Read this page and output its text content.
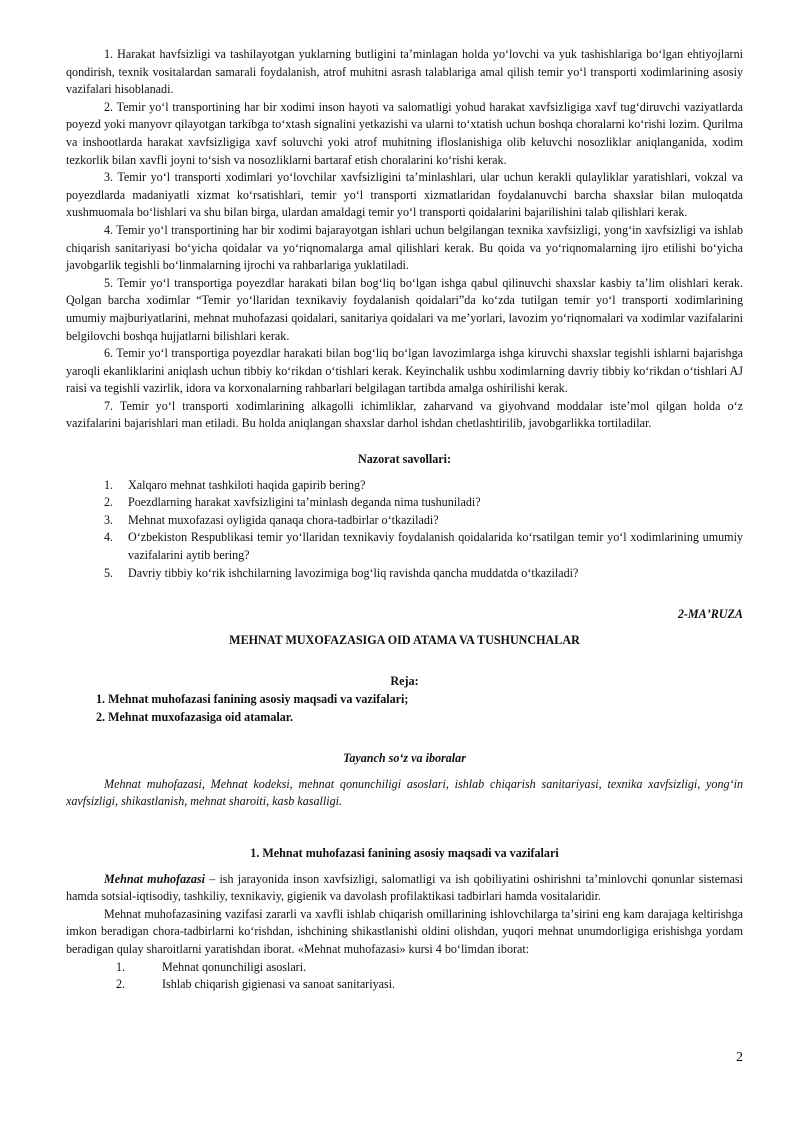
1. Harakat havfsizligi va tashilayotgan yuklarning butligini taʼminlagan holda yoʻlovchi va yuk tashishlariga boʻlgan ehtiyojlarni qondirish, texnik vositalardan samarali foydalanish, atrof muhitni asrash talablariga amal qilish temir yoʻl transporti xodimlarining asosiy vazifalari hisoblanadi.

2. Temir yoʻl transportining har bir xodimi inson hayoti va salomatligi yohud harakat xavfsizligiga xavf tugʻdiruvchi vaziyatlarda poyezd yoki manyovr qilayotgan tarkibga toʻxtash signalini yetkazishi va ularni toʻxtatish uchun boshqa choralarni koʻrishi lozim. Qurilma va inshootlarda harakat xavfsizligiga xavf soluvchi yoki atrof muhitning ifloslanishiga olib keluvchi nosozliklar aniqlanganida, xodim tezkorlik bilan xavfli joyni toʻsish va nosozliklarni bartaraf etish choralarini koʻrishi kerak.

3. Temir yoʻl transporti xodimlari yoʻlovchilar xavfsizligini taʼminlashlari, ular uchun kerakli qulayliklar yaratishlari, vokzal va poyezdlarda madaniyatli xizmat koʻrsatishlari, temir yoʻl transporti xizmatlaridan foydalanuvchi barcha shaxslar bilan muloqatda xushmuomala boʻlishlari va shu bilan birga, ulardan amaldagi temir yoʻl transporti qoidalarini bajarilishini talab qilishlari kerak.

4. Temir yoʻl transportining har bir xodimi bajarayotgan ishlari uchun belgilangan texnika xavfsizligi, yongʻin xavfsizligi va ishlab chiqarish sanitariyasi boʻyicha qoidalar va yoʻriqnomalarga amal qilishlari kerak. Bu qoida va yoʻriqnomalarning ijro etilishi boʻyicha javobgarlik tegishli boʻlinmalarning ijrochi va rahbarlariga yuklatiladi.

5. Temir yoʻl transportiga poyezdlar harakati bilan bogʻliq boʻlgan ishga qabul qilinuvchi shaxslar kasbiy taʼlim olishlari kerak. Qolgan barcha xodimlar “Temir yoʻllaridan texnikaviy foydalanish qoidalari”da koʻzda tutilgan temir yoʻl transporti xodimlarining umumiy majburiyatlarini, mehnat muhofazasi qoidalari, sanitariya qoidalari va meʼyorlari, lavozim yoʻriqnomalari va xodimlar vazifalarini belgilovchi boshqa hujjatlarni bilishlari kerak.

6. Temir yoʻl transportiga poyezdlar harakati bilan bogʻliq boʻlgan lavozimlarga ishga kiruvchi shaxslar tegishli ishlarni bajarishga yaroqli ekanliklarini aniqlash uchun tibbiy koʻrikdan oʻtishlari kerak. Keyinchalik ushbu xodimlarning davriy tibbiy koʻrikdan oʻtishlari AJ raisi va tegishli vazirlik, idora va korxonalarning rahbarlari belgilagan tartibda amalga oshirilishi kerak.

7. Temir yoʻl transporti xodimlarining alkagolli ichimliklar, zaharvand va giyohvand moddalar isteʼmol qilgan holda oʻz vazifalarini bajarishlari man etiladi. Bu holda aniqlangan shaxslar darhol ishdan chetlashtirilib, javobgarlikka tortiladilar.

Nazorat savollari:
1. Xalqaro mehnat tashkiloti haqida gapirib bering?
2. Poezdlarning harakat xavfsizligini taʼminlash deganda nima tushuniladi?
3. Mehnat muxofazasi oyligida qanaqa chora-tadbirlar oʻtkaziladi?
4. Oʻzbekiston Respublikasi temir yoʻllaridan texnikaviy foydalanish qoidalarida koʻrsatilgan temir yoʻl xodimlarining umumiy vazifalarini aytib bering?
5. Davriy tibbiy koʻrik ishchilarning lavozimiga bogʻliq ravishda qancha muddatda oʻtkaziladi?

2-MAʼRUZA

MEHNAT MUXOFAZASIGA OID ATAMA VA TUSHUNCHALAR
Reja:
1. Mehnat muhofazasi fanining asosiy maqsadi va vazifalari;
2. Mehnat muxofazasiga oid atamalar.

Tayanch soʻz va iboralar

Mehnat muhofazasi, Mehnat kodeksi, mehnat qonunchiligi asoslari, ishlab chiqarish sanitariyasi, texnika xavfsizligi, yongʻin xavfsizligi, shikastlanish, mehnat sharoiti, kasb kasalligi.

1. Mehnat muhofazasi fanining asosiy maqsadi va vazifalari

Mehnat muhofazasi – ish jarayonida inson xavfsizligi, salomatligi va ish qobiliyatini oshirishni taʼminlovchi qonunlar sistemasi hamda sotsial-iqtisodiy, tashkiliy, texnikaviy, gigienik va davolash profilaktikasi tadbirlari hamda vositalaridir.

Mehnat muhofazasining vazifasi zararli va xavfli ishlab chiqarish omillarining ishlovchilarga taʼsirini eng kam darajaga keltirishga imkon beradigan chora-tadbirlarni koʻrishdan, ishchining shikastlanishi oldini olishdan, yuqori mehnat unumdorligiga erishishga yordam beradigan qulay sharoitlarni yaratishdan iborat. «Mehnat muhofazasi» kursi 4 boʻlimdan iborat:

1.	Mehnat qonunchiligi asoslari.
2.	Ishlab chiqarish gigienasi va sanoat sanitariyasi.
2
